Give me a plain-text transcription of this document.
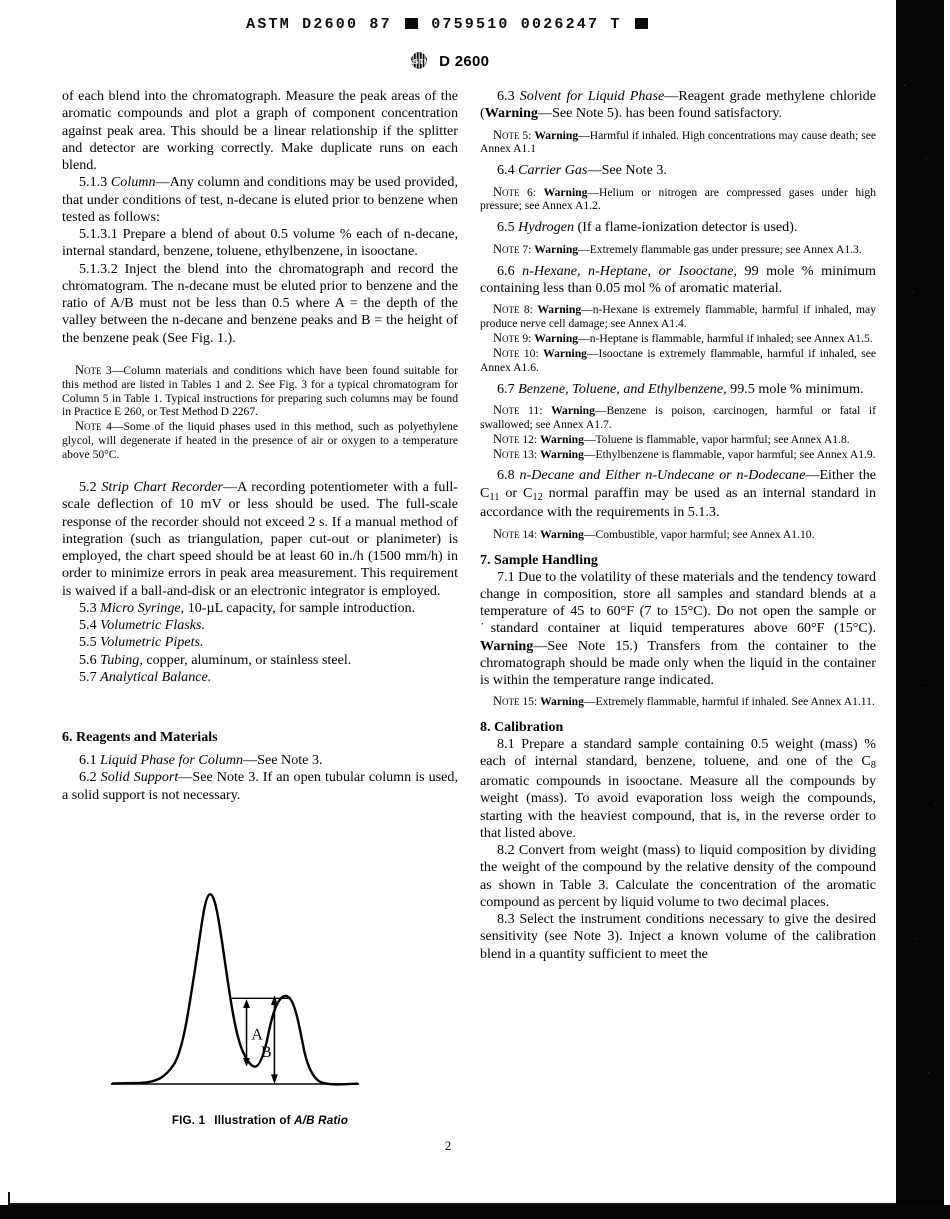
ASTM D2600 87	0759510 0026247 T
ASTM D 2600

of each blend into the chromatograph. Measure the peak areas of the aromatic compounds and plot a graph of component concentration against peak area. This should be a linear relationship if the splitter and detector are working correctly. Make duplicate runs on each blend.

5.1.3 Column—Any column and conditions may be used provided, that under conditions of test, n-decane is eluted prior to benzene when tested as follows:

5.1.3.1 Prepare a blend of about 0.5 volume % each of n-decane, internal standard, benzene, toluene, ethylbenzene, in isooctane.

5.1.3.2 Inject the blend into the chromatograph and record the chromatogram. The n-decane must be eluted prior to benzene and the ratio of A/B must not be less than 0.5 where A = the depth of the valley between the n-decane and benzene peaks and B = the height of the benzene peak (See Fig. 1.).

Note 3—Column materials and conditions which have been found suitable for this method are listed in Tables 1 and 2. See Fig. 3 for a typical chromatogram for Column 5 in Table 1. Typical instructions for preparing such columns may be found in Practice E 260, or Test Method D 2267.

Note 4—Some of the liquid phases used in this method, such as polyethylene glycol, will degenerate if heated in the presence of air or oxygen to a temperature above 50°C.

5.2 Strip Chart Recorder—A recording potentiometer with a full-scale deflection of 10 mV or less should be used. The full-scale response of the recorder should not exceed 2 s. If a manual method of integration (such as triangulation, paper cut-out or planimeter) is employed, the chart speed should be at least 60 in./h (1500 mm/h) in order to minimize errors in peak area measurement. This requirement is waived if a ball-and-disk or an electronic integrator is employed.

5.3 Micro Syringe, 10-µL capacity, for sample introduction.

5.4 Volumetric Flasks.

5.5 Volumetric Pipets.

5.6 Tubing, copper, aluminum, or stainless steel.

5.7 Analytical Balance.

6. Reagents and Materials

6.1 Liquid Phase for Column—See Note 3.

6.2 Solid Support—See Note 3. If an open tubular column is used, a solid support is not necessary.

6.3 Solvent for Liquid Phase—Reagent grade methylene chloride (Warning—See Note 5). has been found satisfactory.

Note 5: Warning—Harmful if inhaled. High concentrations may cause death; see Annex A1.1

6.4 Carrier Gas—See Note 3.

Note 6: Warning—Helium or nitrogen are compressed gases under high pressure; see Annex A1.2.

6.5 Hydrogen (If a flame-ionization detector is used).

Note 7: Warning—Extremely flammable gas under pressure; see Annex A1.3.

6.6 n-Hexane, n-Heptane, or Isooctane, 99 mole % minimum containing less than 0.05 mol % of aromatic material.

Note 8: Warning—n-Hexane is extremely flammable, harmful if inhaled, may produce nerve cell damage; see Annex A1.4.

Note 9: Warning—n-Heptane is flammable, harmful if inhaled; see Annex A1.5.

Note 10: Warning—Isooctane is extremely flammable, harmful if inhaled, see Annex A1.6.

6.7 Benzene, Toluene, and Ethylbenzene, 99.5 mole % minimum.

Note 11: Warning—Benzene is poison, carcinogen, harmful or fatal if swallowed; see Annex A1.7.

Note 12: Warning—Toluene is flammable, vapor harmful; see Annex A1.8.

Note 13: Warning—Ethylbenzene is flammable, vapor harmful; see Annex A1.9.

6.8 n-Decane and Either n-Undecane or n-Dodecane—Either the $C_{11}$ or $C_{12}$ normal paraffin may be used as an internal standard in accordance with the requirements in 5.1.3.

Note 14: Warning—Combustible, vapor harmful; see Annex A1.10.

7. Sample Handling

7.1 Due to the volatility of these materials and the tendency toward change in composition, store all samples and standard blends at a temperature of 45 to 60°F (7 to 15°C). Do not open the sample or ˙standard container at liquid temperatures above 60°F (15°C). Warning—See Note 15.) Transfers from the container to the chromatograph should be made only when the liquid in the container is within the temperature range indicated.

Note 15: Warning—Extremely flammable, harmful if inhaled. See Annex A1.11.

8. Calibration

8.1 Prepare a standard sample containing 0.5 weight (mass) % each of internal standard, benzene, toluene, and one of the $C_8$ aromatic compounds in isooctane. Measure all the compounds by weight (mass). To avoid evaporation loss weigh the compounds, starting with the heaviest compound, that is, in the reverse order to that listed above.

8.2 Convert from weight (mass) to liquid composition by dividing the weight of the compound by the relative density of the compound as shown in Table 3. Calculate the concentration of the aromatic compound as percent by liquid volume to two decimal places.

8.3 Select the instrument conditions necessary to give the desired sensitivity (see Note 3). Inject a known volume of the calibration blend in a quantity sufficient to meet the

A
B
FIG. 1 Illustration of A/B Ratio
2
